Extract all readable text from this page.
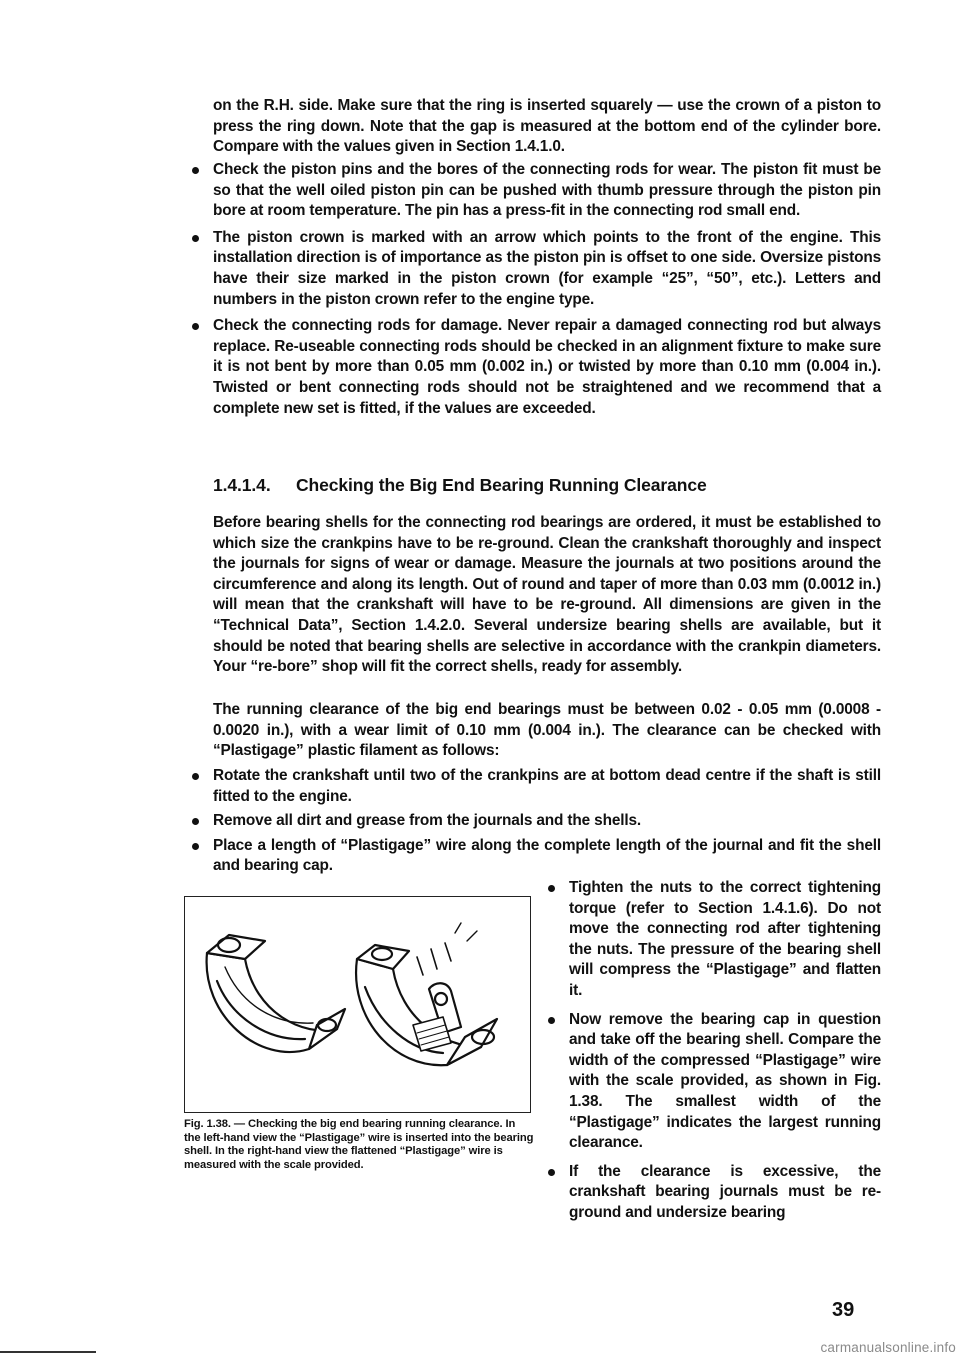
on the R.H. side. Make sure that the ring is inserted squarely — use the crown of a piston to press the ring down. Note that the gap is measured at the bottom end of the cylinder bore. Compare with the values given in Section 1.4.1.0.

Check the piston pins and the bores of the connecting rods for wear. The piston fit must be so that the well oiled piston pin can be pushed with thumb pressure through the piston pin bore at room temperature. The pin has a press-fit in the connecting rod small end.
The piston crown is marked with an arrow which points to the front of the engine. This installation direction is of importance as the piston pin is offset to one side. Oversize pistons have their size marked in the piston crown (for example “25”, “50”, etc.). Letters and numbers in the piston crown refer to the engine type.
Check the connecting rods for damage. Never repair a damaged connecting rod but always replace. Re-useable connecting rods should be checked in an alignment fixture to make sure it is not bent by more than 0.05 mm (0.002 in.) or twisted by more than 0.10 mm (0.004 in.). Twisted or bent connecting rods should not be straightened and we recommend that a complete new set is fitted, if the values are exceeded.
1.4.1.4. Checking the Big End Bearing Running Clearance

Before bearing shells for the connecting rod bearings are ordered, it must be established to which size the crankpins have to be re-ground. Clean the crankshaft thoroughly and inspect the journals for signs of wear or damage. Measure the journals at two positions around the circumference and along its length. Out of round and taper of more than 0.03 mm (0.0012 in.) will mean that the crankshaft will have to be re-ground. All dimensions are given in the “Technical Data”, Section 1.4.2.0. Several undersize bearing shells are available, but it should be noted that bearing shells are selective in accordance with the crankpin diameters. Your “re-bore” shop will fit the correct shells, ready for assembly.

The running clearance of the big end bearings must be between 0.02 - 0.05 mm (0.0008 - 0.0020 in.), with a wear limit of 0.10 mm (0.004 in.). The clearance can be checked with “Plastigage” plastic filament as follows:

Rotate the crankshaft until two of the crankpins are at bottom dead centre if the shaft is still fitted to the engine.
Remove all dirt and grease from the journals and the shells.
Place a length of “Plastigage” wire along the complete length of the journal and fit the shell and bearing cap.

Fig. 1.38. — Checking the big end bearing running clearance. In the left-hand view the “Plastigage” wire is inserted into the bearing shell. In the right-hand view the flattened “Plastigage” wire is measured with the scale provided.

Tighten the nuts to the correct tightening torque (refer to Section 1.4.1.6). Do not move the connecting rod after tightening the nuts. The pressure of the bearing shell will compress the “Plastigage” and flatten it.
Now remove the bearing cap in question and take off the bearing shell. Compare the width of the compressed “Plastigage” wire with the scale provided, as shown in Fig. 1.38. The smallest width of the “Plastigage” indicates the largest running clearance.
If the clearance is excessive, the crankshaft bearing journals must be re-ground and undersize bearing

39

carmanualsonline.info
